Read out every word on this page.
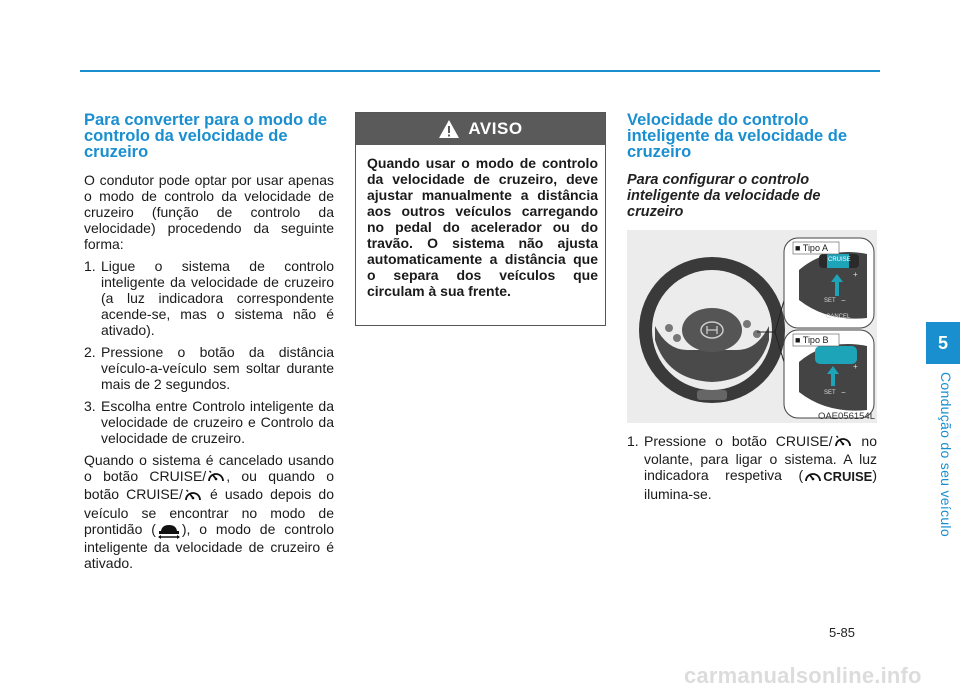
Para converter para o modo de controlo da velocidade de cruzeiro

O condutor pode optar por usar apenas o modo de controlo da velocidade de cruzeiro (função de controlo da velocidade) procedendo da seguinte forma:

1. Ligue o sistema de controlo inteligente da velocidade de cruzeiro (a luz indicadora correspondente acende-se, mas o sistema não é ativado).
2. Pressione o botão da distância veículo-a-veículo sem soltar durante mais de 2 segundos.
3. Escolha entre Controlo inteligente da velocidade de cruzeiro e Controlo da velocidade de cruzeiro.

Quando o sistema é cancelado usando o botão CRUISE/ , ou quando o botão CRUISE/ é usado depois do veículo se encontrar no modo de prontidão ( ), o modo de controlo inteligente da velocidade de cruzeiro é ativado.

AVISO
Quando usar o modo de controlo da velocidade de cruzeiro, deve ajustar manualmente a distância aos outros veículos carregando no pedal do acelerador ou do travão. O sistema não ajusta automaticamente a distância que o separa dos veículos que circulam à sua frente.
Velocidade do controlo inteligente da velocidade de cruzeiro
Para configurar o controlo inteligente da velocidade de cruzeiro
■ Tipo A
■ Tipo B
CRUISE
+
SET −
CANCEL
+
SET −
OAE056154L
1. Pressione o botão CRUISE/ no volante, para ligar o sistema. A luz indicadora respetiva ( CRUISE ) ilumina-se.
5
Condução do seu veículo
5-85
carmanualsonline.info
